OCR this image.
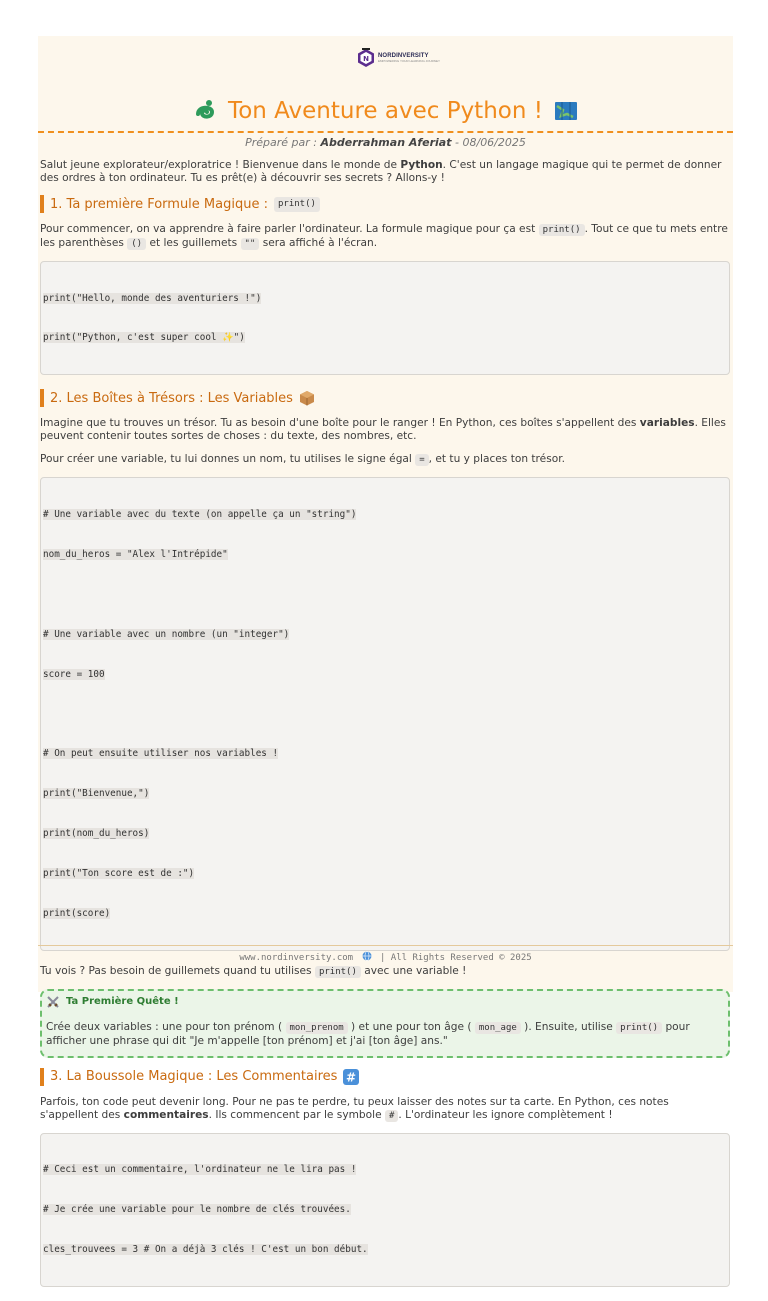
N NORDINVERSITY
EMPOWERING YOUR LEARNING JOURNEY
Ton Aventure avec Python !
Préparé par : Abderrahman Aferiat - 08/06/2025

Salut jeune explorateur/exploratrice ! Bienvenue dans le monde de Python. C'est un langage magique qui te permet de donner des ordres à ton ordinateur. Tu es prêt(e) à découvrir ses secrets ? Allons-y !

1. Ta première Formule Magique :	print()

Pour commencer, on va apprendre à faire parler l'ordinateur. La formule magique pour ça est print() . Tout ce que tu mets entre les parenthèses () et les guillemets "" sera affiché à l'écran.

print("Hello, monde des aventuriers !")

print("Python, c'est super cool ✨")

2. Les Boîtes à Trésors : Les Variables

Imagine que tu trouves un trésor. Tu as besoin d'une boîte pour le ranger ! En Python, ces boîtes s'appellent des variables. Elles peuvent contenir toutes sortes de choses : du texte, des nombres, etc.

Pour créer une variable, tu lui donnes un nom, tu utilises le signe égal = , et tu y places ton trésor.

# Une variable avec du texte (on appelle ça un "string")

nom_du_heros = "Alex l'Intrépide"

# Une variable avec un nombre (un "integer")

score = 100

# On peut ensuite utiliser nos variables !

print("Bienvenue,")

print(nom_du_heros)

print("Ton score est de :")

print(score)

Tu vois ? Pas besoin de guillemets quand tu utilises print() avec une variable !

Ta Première Quête !
Crée deux variables : une pour ton prénom ( mon_prenom ) et une pour ton âge ( mon_age ). Ensuite, utilise print() pour afficher une phrase qui dit "Je m'appelle [ton prénom] et j'ai [ton âge] ans."
3. La Boussole Magique : Les Commentaires #

Parfois, ton code peut devenir long. Pour ne pas te perdre, tu peux laisser des notes sur ta carte. En Python, ces notes s'appellent des commentaires. Ils commencent par le symbole # . L'ordinateur les ignore complètement !

# Ceci est un commentaire, l'ordinateur ne le lira pas !

# Je crée une variable pour le nombre de clés trouvées.

cles_trouvees = 3 # On a déjà 3 clés ! C'est un bon début.

www.nordinversity.com	| All Rights Reserved © 2025
